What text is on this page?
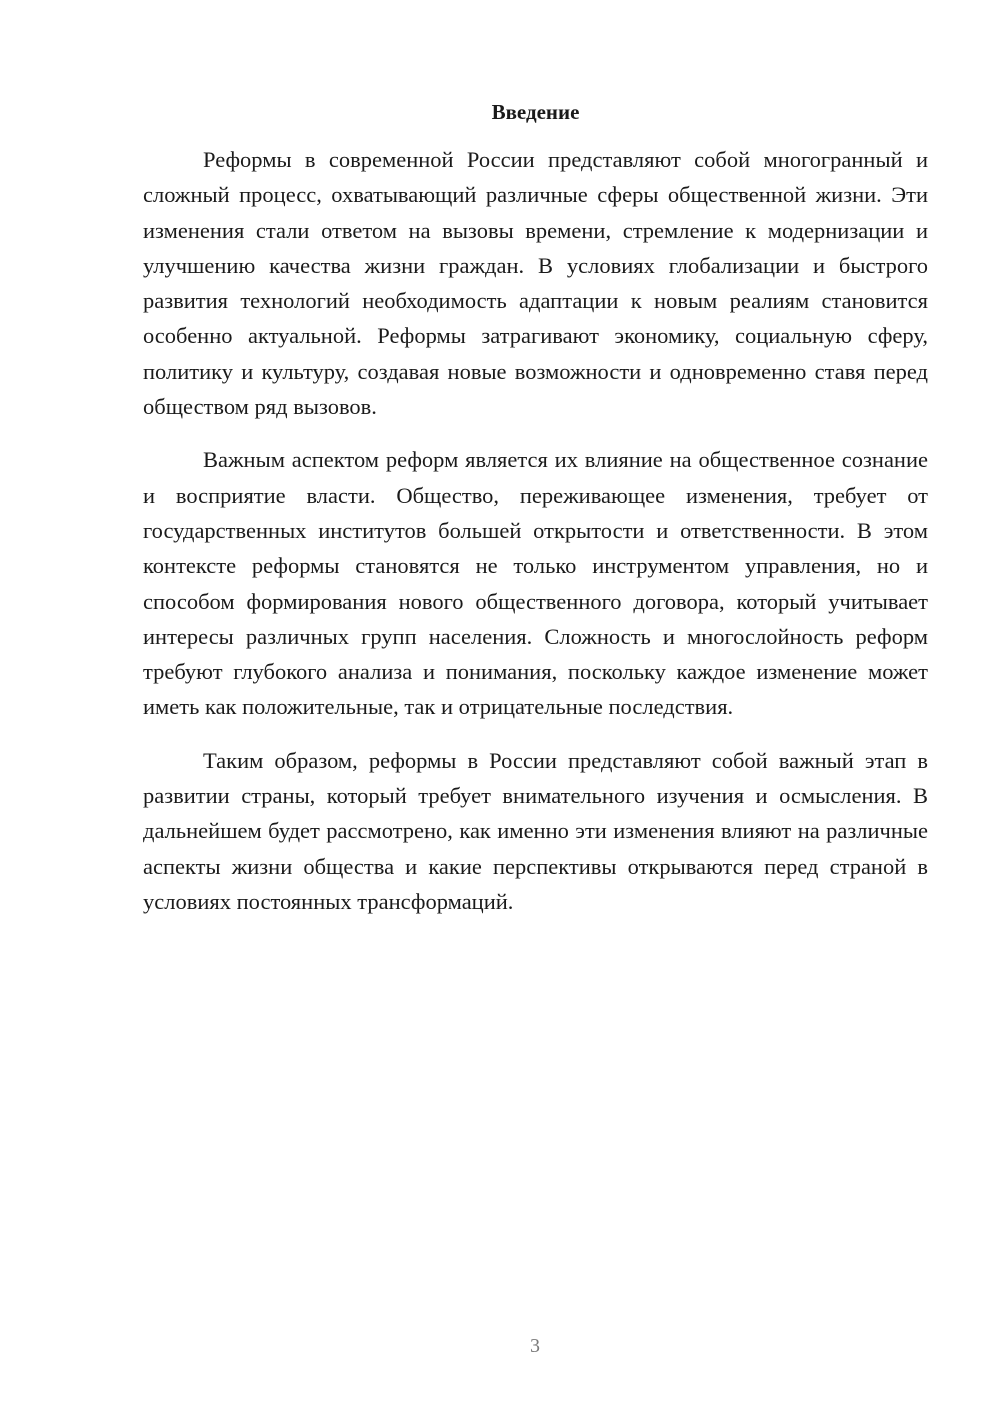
Введение

Реформы в современной России представляют собой многогранный и сложный процесс, охватывающий различные сферы общественной жизни. Эти изменения стали ответом на вызовы времени, стремление к модернизации и улучшению качества жизни граждан. В условиях глобализации и быстрого развития технологий необходимость адаптации к новым реалиям становится особенно актуальной. Реформы затрагивают экономику, социальную сферу, политику и культуру, создавая новые возможности и одновременно ставя перед обществом ряд вызовов.

Важным аспектом реформ является их влияние на общественное сознание и восприятие власти. Общество, переживающее изменения, требует от государственных институтов большей открытости и ответственности. В этом контексте реформы становятся не только инструментом управления, но и способом формирования нового общественного договора, который учитывает интересы различных групп населения. Сложность и многослойность реформ требуют глубокого анализа и понимания, поскольку каждое изменение может иметь как положительные, так и отрицательные последствия.

Таким образом, реформы в России представляют собой важный этап в развитии страны, который требует внимательного изучения и осмысления. В дальнейшем будет рассмотрено, как именно эти изменения влияют на различные аспекты жизни общества и какие перспективы открываются перед страной в условиях постоянных трансформаций.

3
